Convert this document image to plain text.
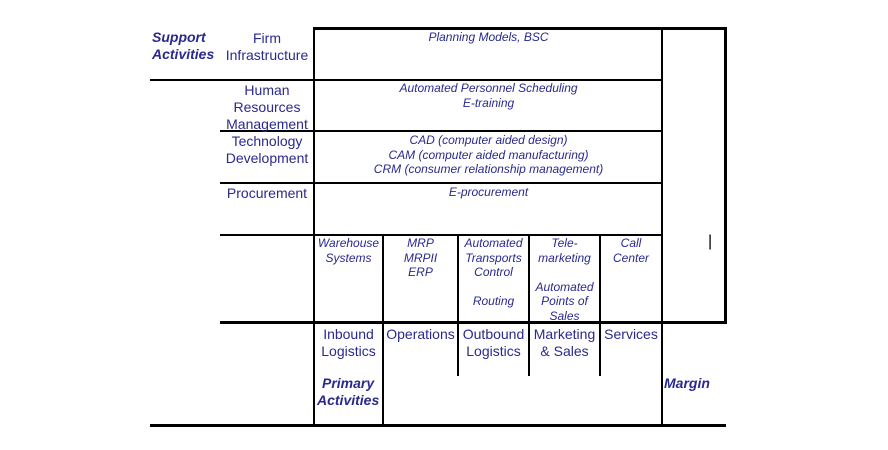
|
Support
Activities
Firm
Infrastructure
Planning Models, BSC
Human
Resources
Management
Automated Personnel Scheduling
E-training
Technology
Development
CAD (computer aided design)
CAM (computer aided manufacturing)
CRM (consumer relationship management)
Procurement	E-procurement
Warehouse
Systems
MRP
MRPII
ERP
Automated
Transports
Control
Routing
Tele-
marketing
Automated
Points of
Sales
Call
Center
Inbound
Logistics
Operations Outbound
Logistics
Marketing
& Sales
Services
Primary
Activities
Margin
